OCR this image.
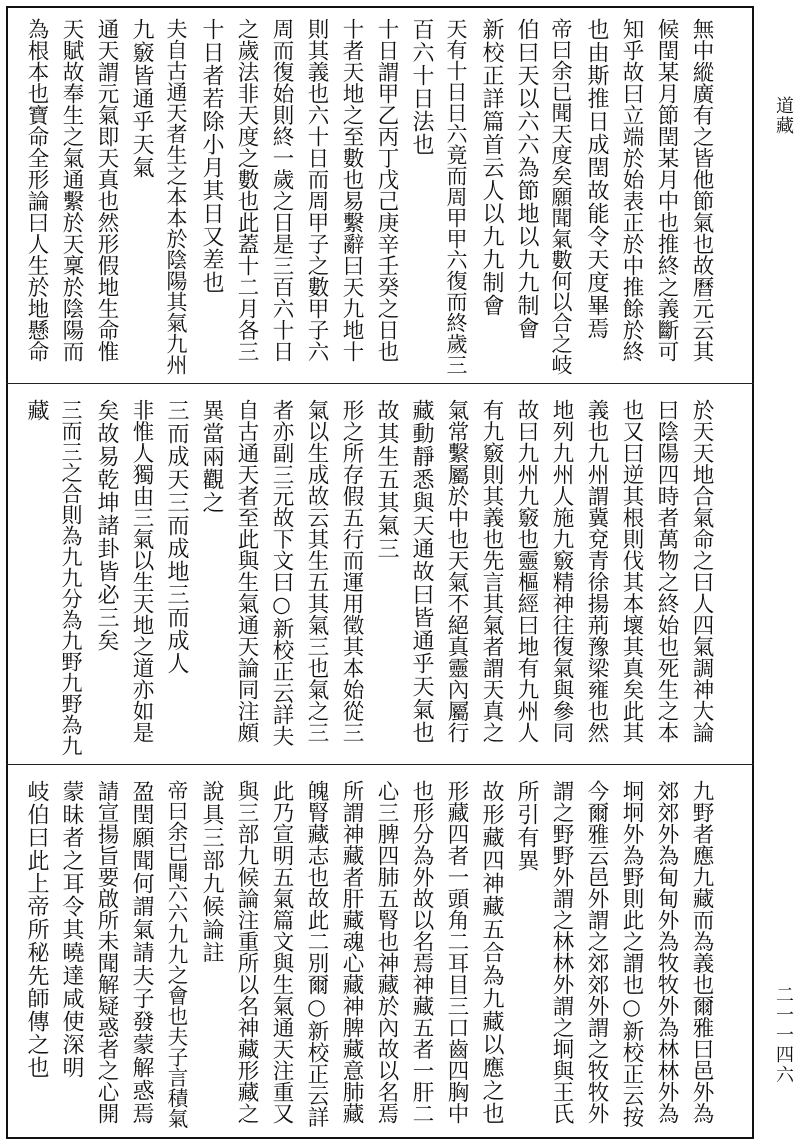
道藏
二一一四六
無中縱廣有之皆他節氣也故曆元云其
候閏某月節閏某月中也推終之義斷可
知乎故曰立端於始表正於中推餘於終
也由斯推日成閏故能令天度畢焉
帝曰余已聞天度矣願聞氣數何以合之岐
伯曰天以六六為節地以九九制會
新校正詳篇首云人以九九制會
天有十日日六竟而周甲甲六復而終歲三
百六十日法也
十日謂甲乙丙丁戊己庚辛壬癸之日也
十者天地之至數也易繫辭曰天九地十
則其義也六十日而周甲子之數甲子六
周而復始則終一歲之日是三百六十日
之歲法非天度之數也此蓋十二月各三
十日者若除小月其日又差也
夫自古通天者生之本本於陰陽其氣九州
九竅皆通乎天氣
通天謂元氣即天真也然形假地生命惟
天賦故奉生之氣通繫於天稟於陰陽而
為根本也寶命全形論曰人生於地懸命
於天天地合氣命之曰人四氣調神大論
曰陰陽四時者萬物之終始也死生之本
也又曰逆其根則伐其本壞其真矣此其
義也九州謂冀兗青徐揚荊豫梁雍也然
地列九州人施九竅精神往復氣與參同
故曰九州九竅也靈樞經曰地有九州人
有九竅則其義也先言其氣者謂天真之
氣常繫屬於中也天氣不絕真靈內屬行
藏動靜悉與天通故曰皆通乎天氣也
故其生五其氣三
形之所存假五行而運用徵其本始從三
氣以生成故云其生五其氣三也氣之三
者亦副三元故下文曰○新校正云詳夫
自古通天者至此與生氣通天論同注頗
異當兩觀之
三而成天三而成地三而成人
非惟人獨由三氣以生天地之道亦如是
矣故易乾坤諸卦皆必三矣
三而三之合則為九九分為九野九野為九
藏
九野者應九藏而為義也爾雅曰邑外為
郊郊外為甸甸外為牧牧外為林林外為
坰坰外為野則此之謂也○新校正云按
今爾雅云邑外謂之郊郊外謂之牧牧外
謂之野野外謂之林林外謂之坰與王氏
所引有異
故形藏四神藏五合為九藏以應之也
形藏四者一頭角二耳目三口齒四胸中
也形分為外故以名焉神藏五者一肝二
心三脾四肺五腎也神藏於內故以名焉
所謂神藏者肝藏魂心藏神脾藏意肺藏
魄腎藏志也故此二別爾○新校正云詳
此乃宣明五氣篇文與生氣通天注重又
與三部九候論注重所以名神藏形藏之
說具三部九候論註
帝曰余已聞六六九九之會也夫子言積氣
盈閏願聞何謂氣請夫子發蒙解惑焉
請宣揚旨要啟所未聞解疑惑者之心開
蒙昧者之耳令其曉達咸使深明
岐伯曰此上帝所秘先師傳之也
